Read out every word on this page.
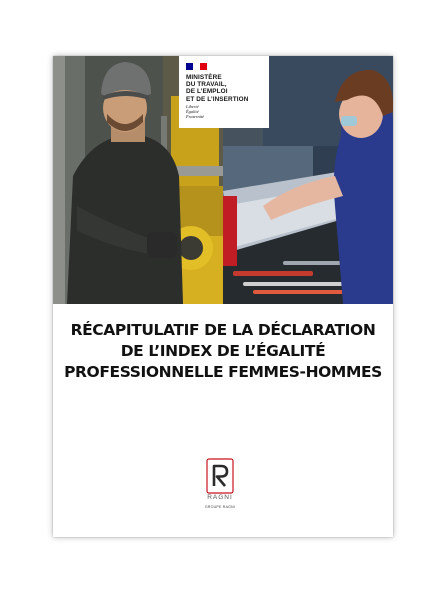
MINISTÈRE
DU TRAVAIL,
DE L’EMPLOI
ET DE L’INSERTION
Liberté
Égalité
Fraternité
RÉCAPITULATIF DE LA DÉCLARATION
DE L’INDEX DE L’ÉGALITÉ
PROFESSIONNELLE FEMMES-HOMMES
RAGNI
GROUPE RAGNI
